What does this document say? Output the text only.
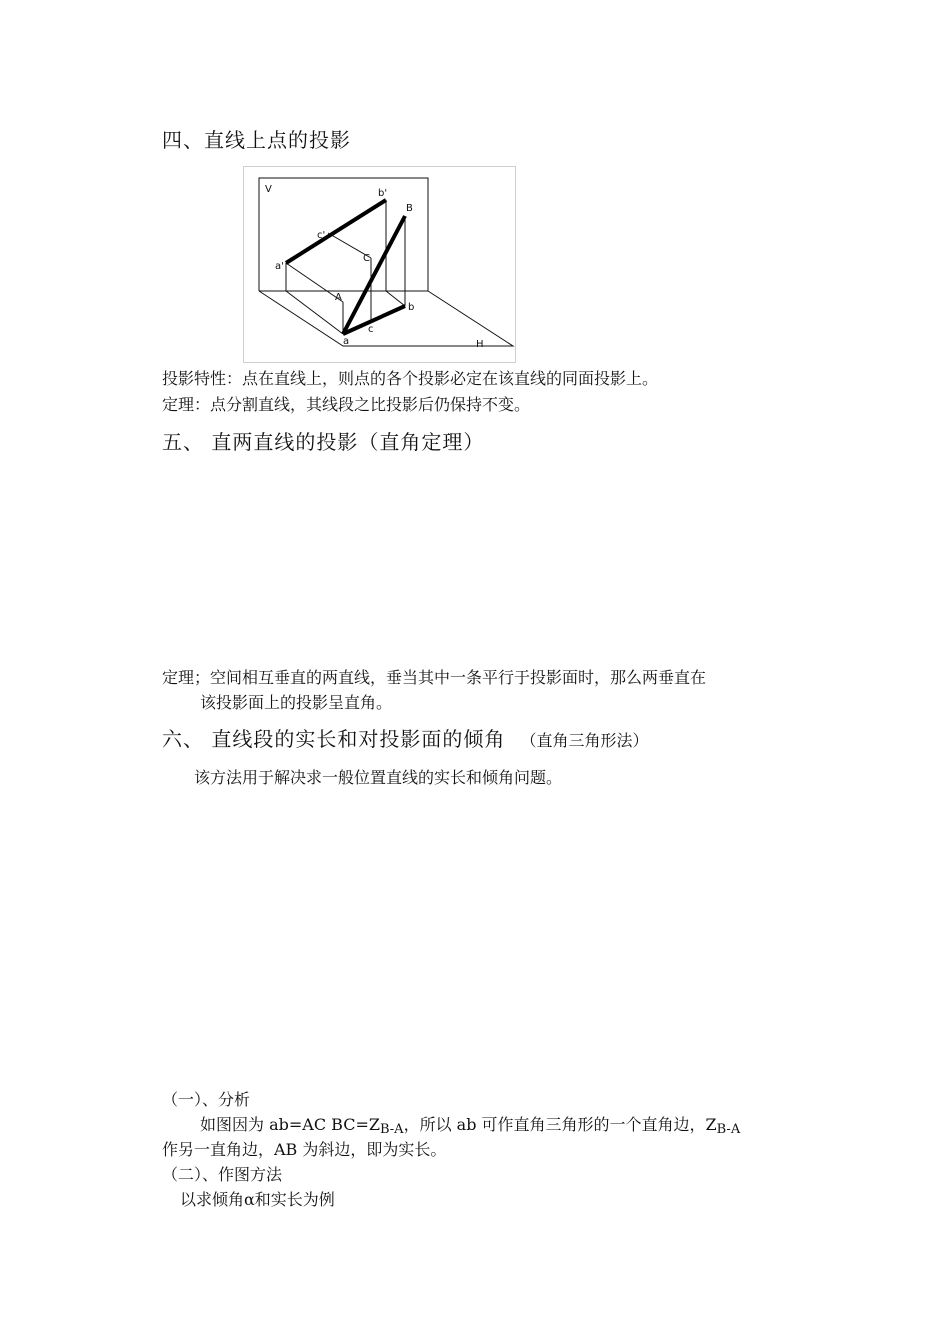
四、直线上点的投影
V
H
a'
b'
c'
A
B
C
a
b
c
投影特性：点在直线上，则点的各个投影必定在该直线的同面投影上。
定理：点分割直线，其线段之比投影后仍保持不变。
五、 直两直线的投影（直角定理）
定理；空间相互垂直的两直线，垂当其中一条平行于投影面时，那么两垂直在
该投影面上的投影呈直角。
六、 直线段的实长和对投影面的倾角 （直角三角形法）
该方法用于解决求一般位置直线的实长和倾角问题。
（一）、分析
如图因为 ab=AC $BC=Z_{B-A}$，所以 ab 可作直角三角形的一个直角边，$Z_{B-A}$
作另一直角边，AB 为斜边，即为实长。
（二）、作图方法
以求倾角α和实长为例
